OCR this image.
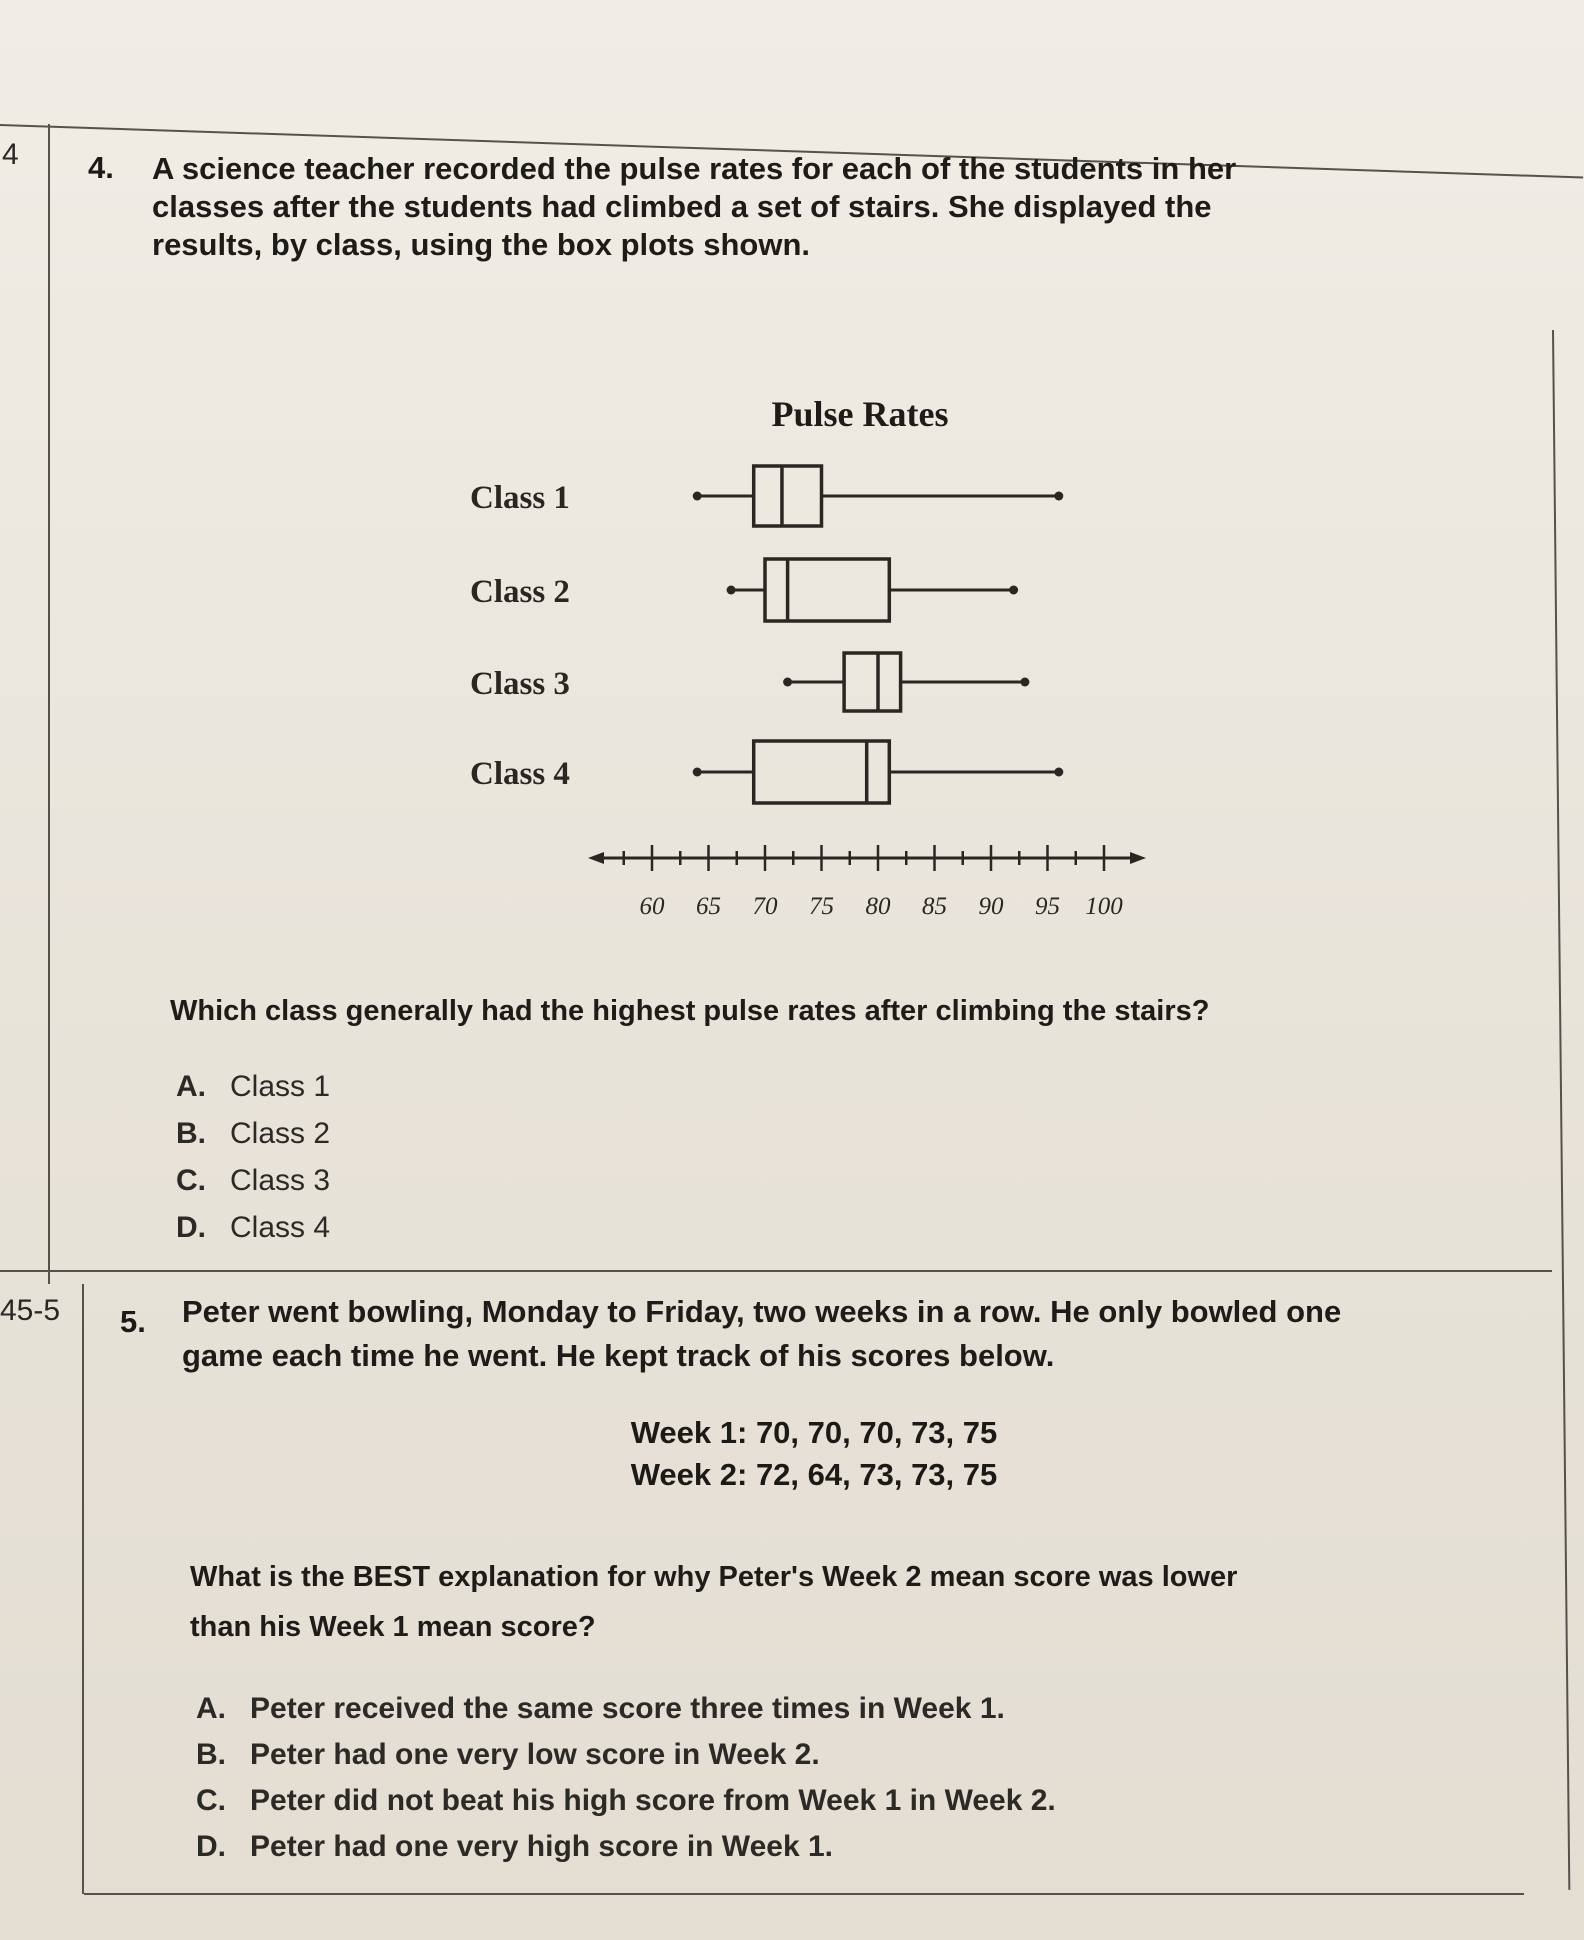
4
45-5
4. A science teacher recorded the pulse rates for each of the students in her
classes after the students had climbed a set of stairs. She displayed the
results, by class, using the box plots shown.
Pulse Rates
Class 1
Class 2
Class 3
Class 4
60 65 70 75 80 85 90 95 100
Which class generally had the highest pulse rates after climbing the stairs?
A. Class 1
B. Class 2
C. Class 3
D. Class 4
5. Peter went bowling, Monday to Friday, two weeks in a row. He only bowled one
game each time he went. He kept track of his scores below.
Week 1: 70, 70, 70, 73, 75
Week 2: 72, 64, 73, 73, 75
What is the BEST explanation for why Peter's Week 2 mean score was lower
than his Week 1 mean score?
A. Peter received the same score three times in Week 1.
B. Peter had one very low score in Week 2.
C. Peter did not beat his high score from Week 1 in Week 2.
D. Peter had one very high score in Week 1.
